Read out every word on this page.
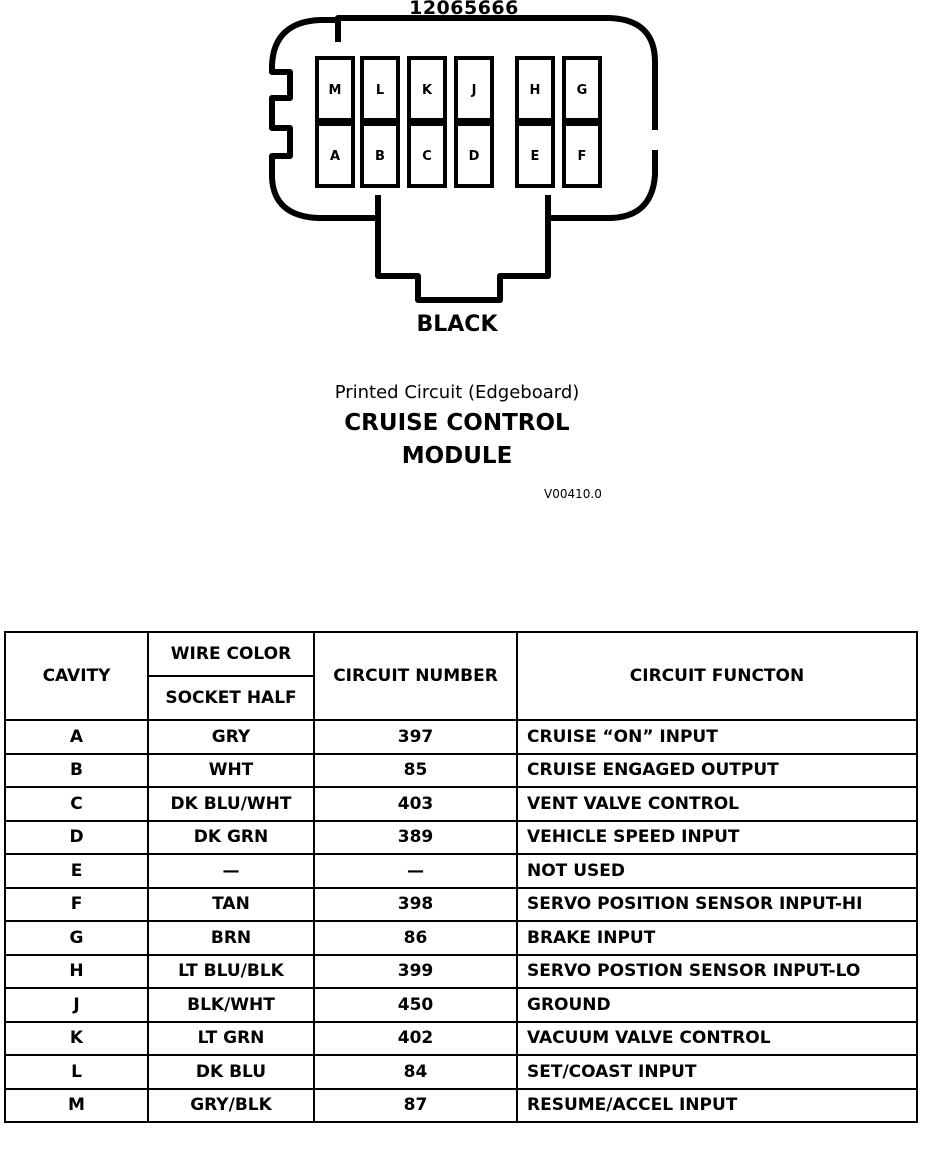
12065666
M	L	K	J	H	G
A	B	C	D	E	F
BLACK
Printed Circuit (Edgeboard)
CRUISE CONTROL
MODULE
V00410.0
CAVITY	WIRE COLOR	CIRCUIT NUMBER	CIRCUIT FUNCTON
	SOCKET HALF		
A	GRY	397	CRUISE “ON” INPUT
B	WHT	85	CRUISE ENGAGED OUTPUT
C	DK BLU/WHT	403	VENT VALVE CONTROL
D	DK GRN	389	VEHICLE SPEED INPUT
E	—	—	NOT USED
F	TAN	398	SERVO POSITION SENSOR INPUT-HI
G	BRN	86	BRAKE INPUT
H	LT BLU/BLK	399	SERVO POSTION SENSOR INPUT-LO
J	BLK/WHT	450	GROUND
K	LT GRN	402	VACUUM VALVE CONTROL
L	DK BLU	84	SET/COAST INPUT
M	GRY/BLK	87	RESUME/ACCEL INPUT
